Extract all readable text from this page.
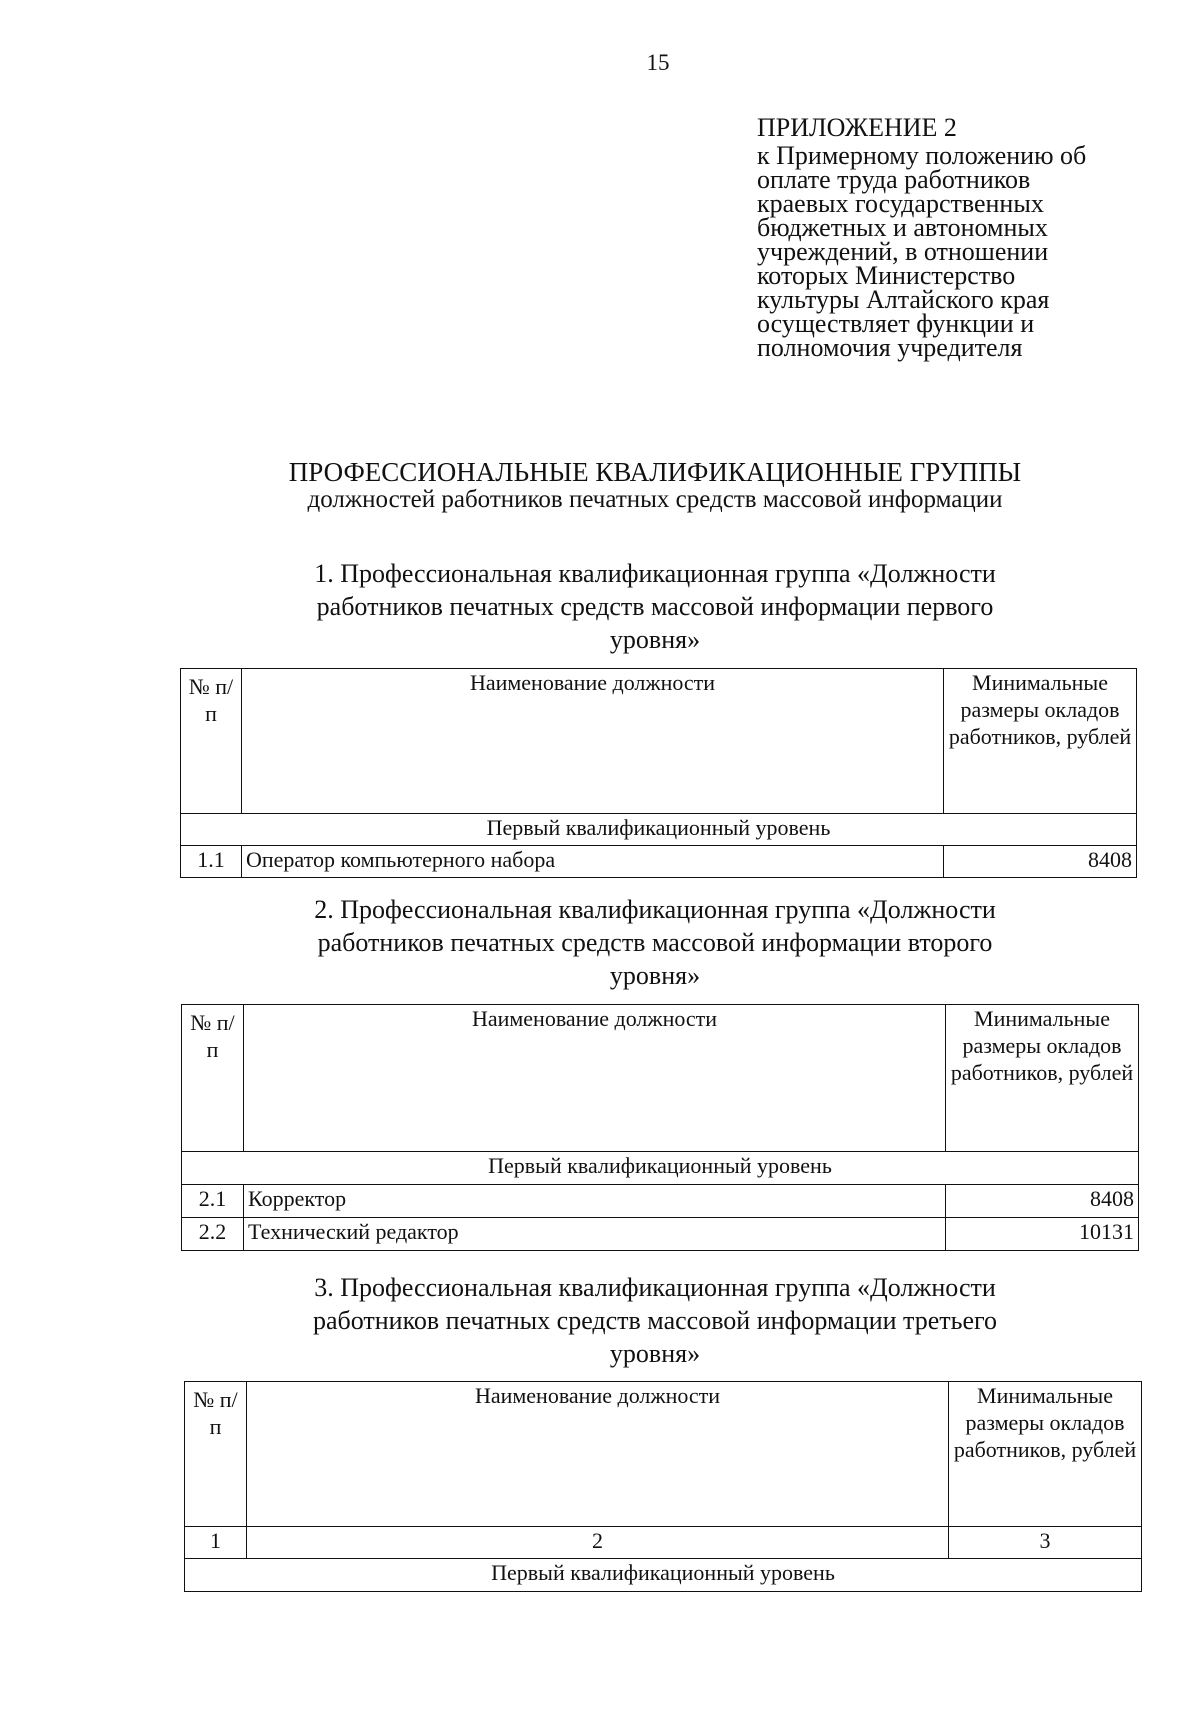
15
ПРИЛОЖЕНИЕ 2
к Примерному положению об
оплате труда работников
краевых государственных
бюджетных и автономных
учреждений, в отношении
которых Министерство
культуры Алтайского края
осуществляет функции и
полномочия учредителя
ПРОФЕССИОНАЛЬНЫЕ КВАЛИФИКАЦИОННЫЕ ГРУППЫ
должностей работников печатных средств массовой информации
1. Профессиональная квалификационная группа «Должности
работников печатных средств массовой информации первого
уровня»
№ п/п	Наименование должности	Минимальные размеры окладов работников, рублей
Первый квалификационный уровень		
1.1	Оператор компьютерного набора	8408
2. Профессиональная квалификационная группа «Должности
работников печатных средств массовой информации второго
уровня»
№ п/п	Наименование должности	Минимальные размеры окладов работников, рублей
Первый квалификационный уровень		
2.1	Корректор	8408
2.2	Технический редактор	10131
3. Профессиональная квалификационная группа «Должности
работников печатных средств массовой информации третьего
уровня»
№ п/п	Наименование должности	Минимальные размеры окладов работников, рублей
1	2	3
Первый квалификационный уровень		
